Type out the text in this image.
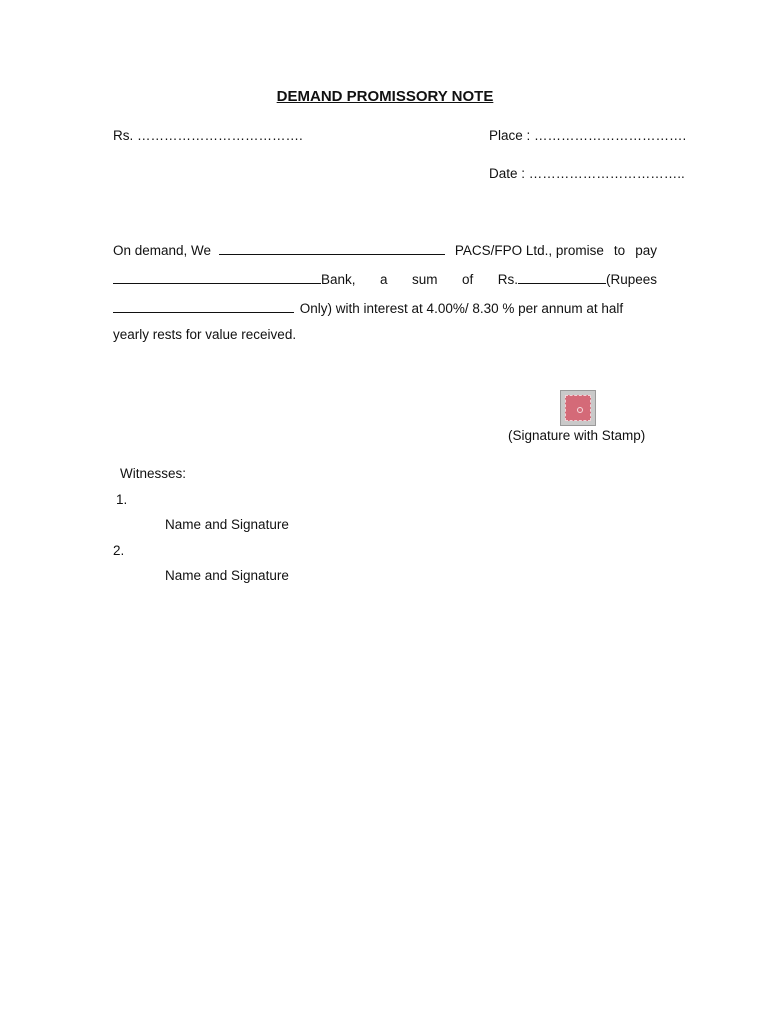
DEMAND PROMISSORY NOTE
Rs. ……………………………….	Place : …………………………….
Date : ……………………………..
On demand, We	PACS/FPO Ltd., promise to pay
Bank, a sum of Rs.	(Rupees
Only) with interest at 4.00%/ 8.30 % per annum at half
yearly rests for value received.
(Signature with Stamp)
Witnesses:
1.
Name and Signature
2.
Name and Signature
